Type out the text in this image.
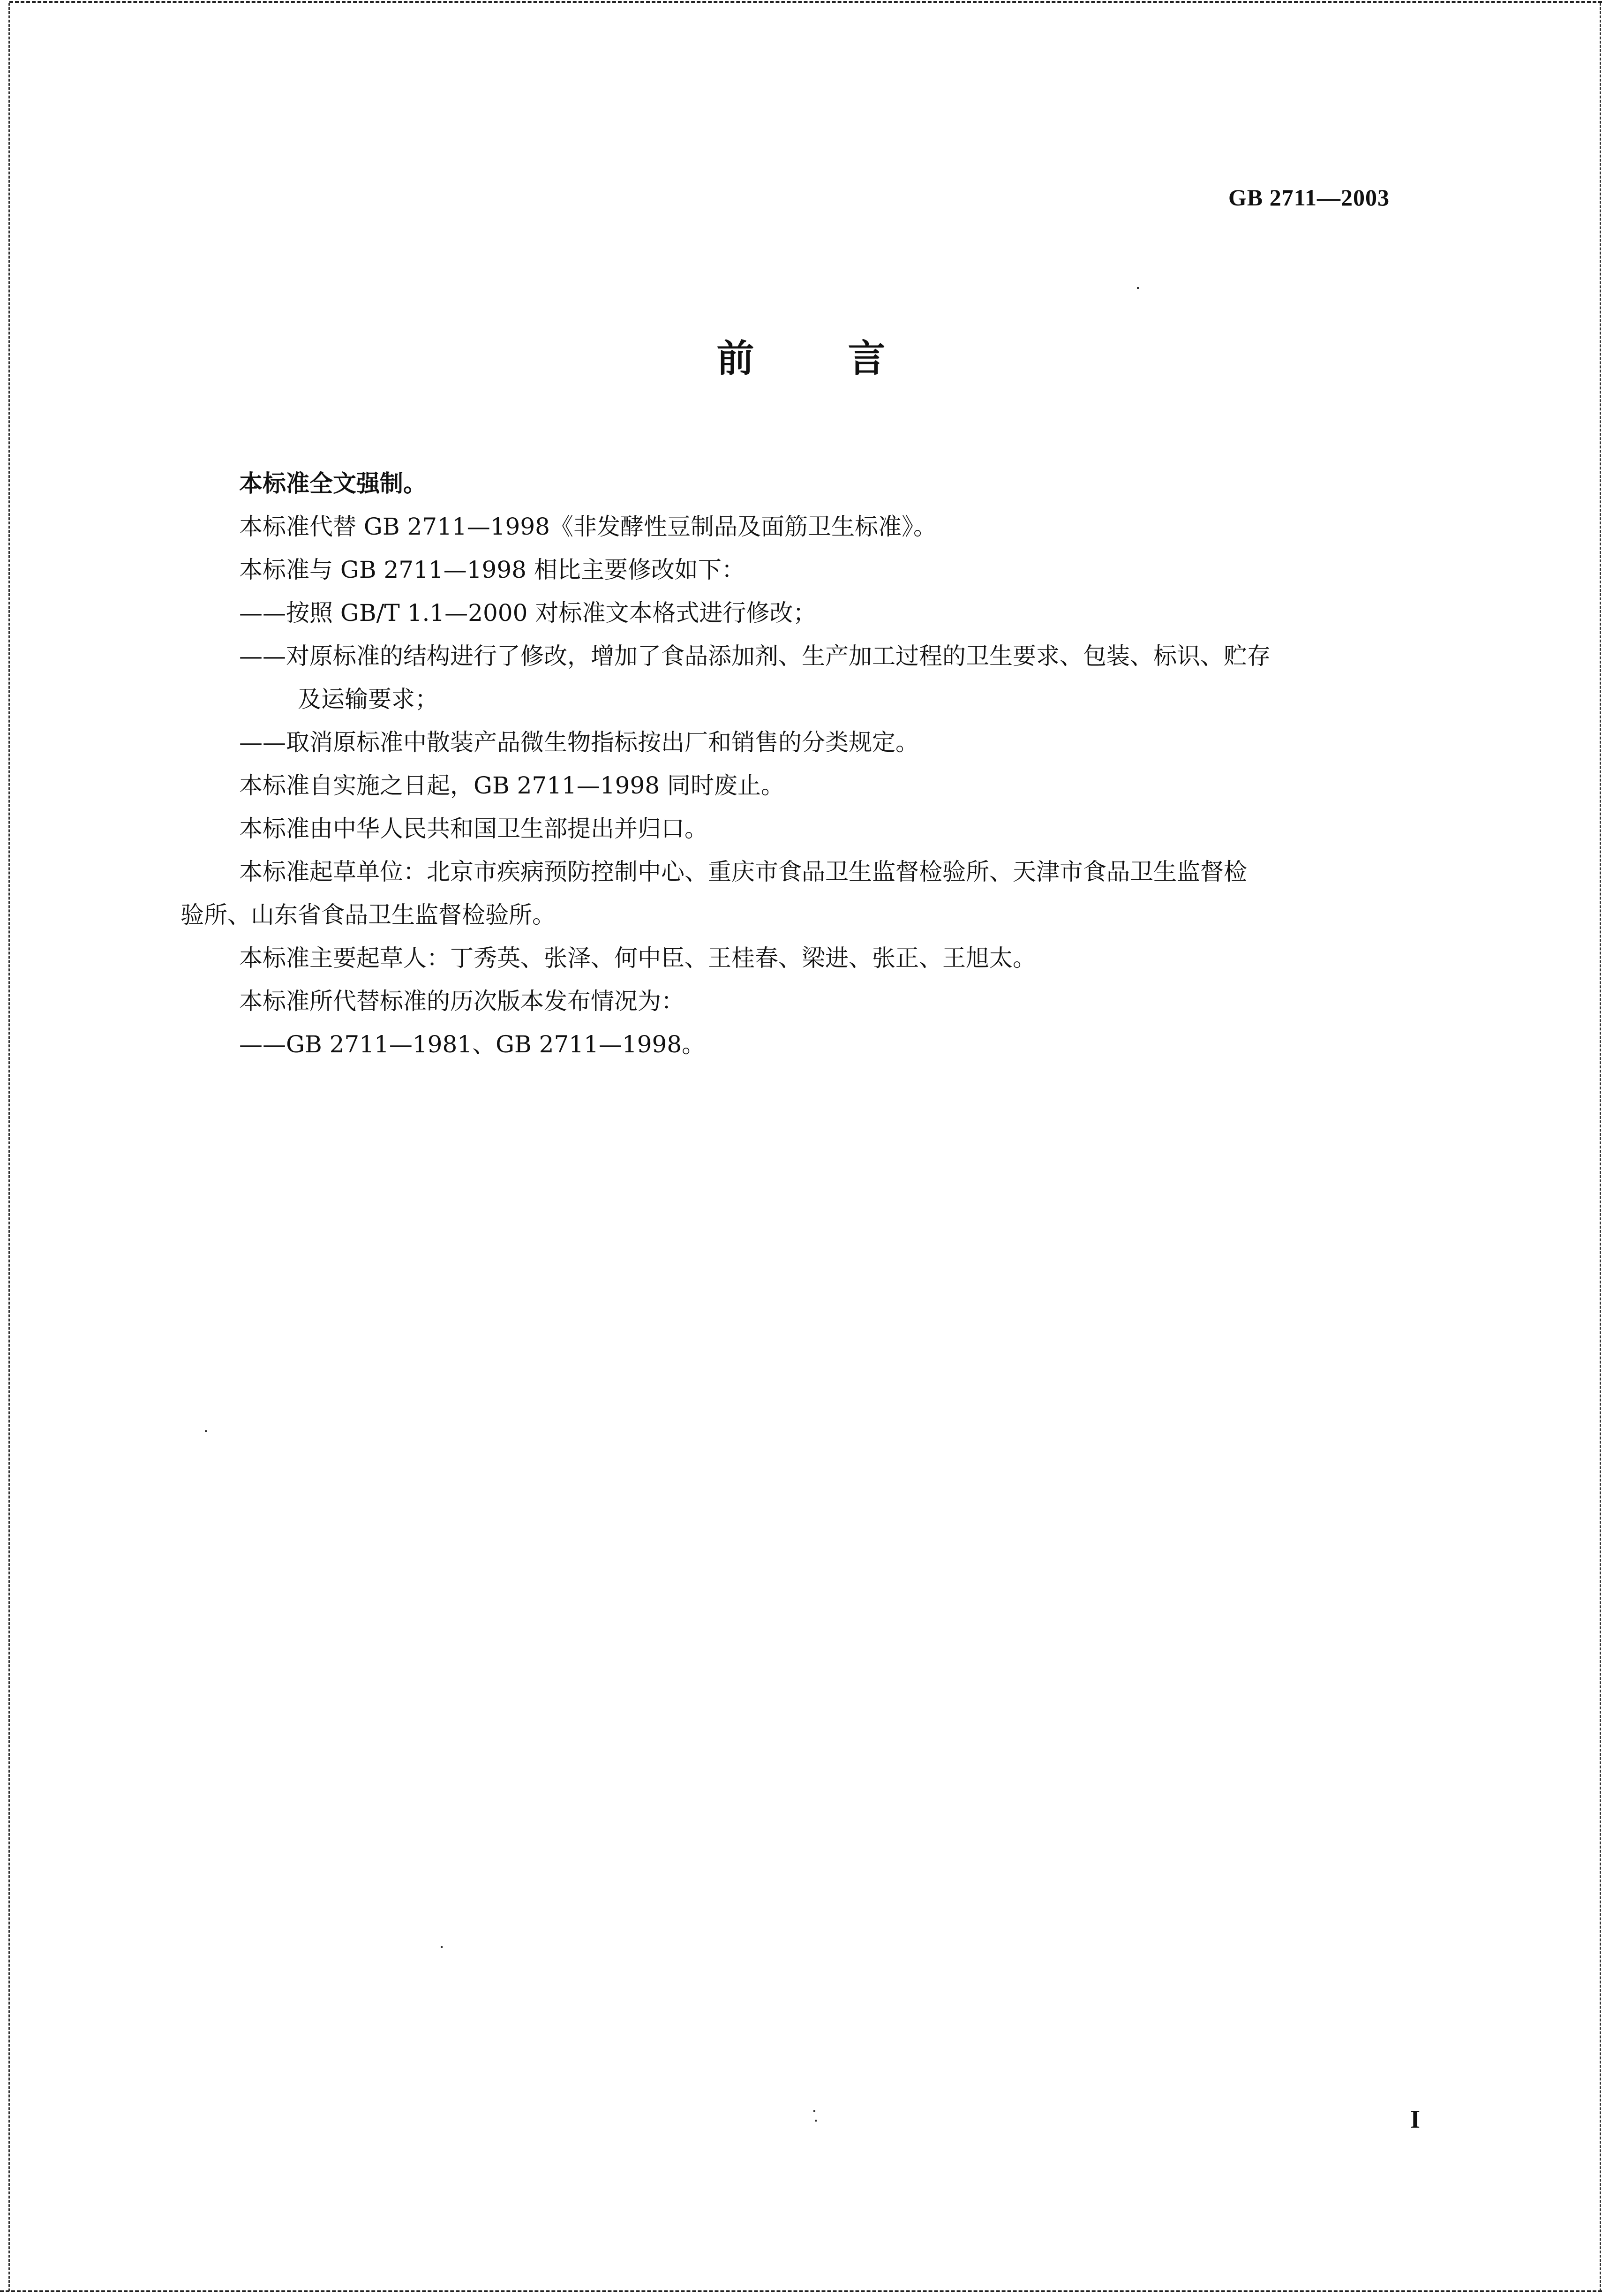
GB 2711—2003
前言
本标准全文强制。
本标准代替 GB 2711—1998《非发酵性豆制品及面筋卫生标准》。
本标准与 GB 2711—1998 相比主要修改如下：
——按照 GB/T 1.1—2000 对标准文本格式进行修改；
——对原标准的结构进行了修改，增加了食品添加剂、生产加工过程的卫生要求、包装、标识、贮存
及运输要求；
——取消原标准中散装产品微生物指标按出厂和销售的分类规定。
本标准自实施之日起，GB 2711—1998 同时废止。
本标准由中华人民共和国卫生部提出并归口。
本标准起草单位：北京市疾病预防控制中心、重庆市食品卫生监督检验所、天津市食品卫生监督检
验所、山东省食品卫生监督检验所。
本标准主要起草人：丁秀英、张泽、何中臣、王桂春、梁进、张正、王旭太。
本标准所代替标准的历次版本发布情况为：
——GB 2711—1981、GB 2711—1998。
I
